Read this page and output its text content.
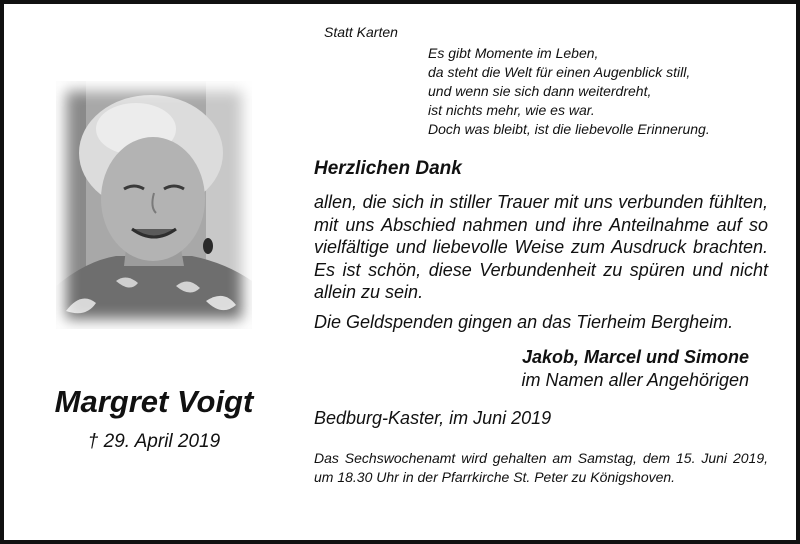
Margret Voigt
† 29. April 2019
Statt Karten
Es gibt Momente im Leben,
da steht die Welt für einen Augenblick still,
und wenn sie sich dann weiterdreht,
ist nichts mehr, wie es war.
Doch was bleibt, ist die liebevolle Erinnerung.
Herzlichen Dank
allen, die sich in stiller Trauer mit uns verbunden fühlten, mit uns Abschied nahmen und ihre Anteilnahme auf so vielfältige und liebevolle Weise zum Ausdruck brachten. Es ist schön, diese Verbundenheit zu spüren und nicht allein zu sein.
Die Geldspenden gingen an das Tierheim Bergheim.
Jakob, Marcel und Simone
im Namen aller Angehörigen
Bedburg-Kaster, im Juni 2019
Das Sechswochenamt wird gehalten am Samstag, dem 15. Juni 2019, um 18.30 Uhr in der Pfarrkirche St. Peter zu Königshoven.
